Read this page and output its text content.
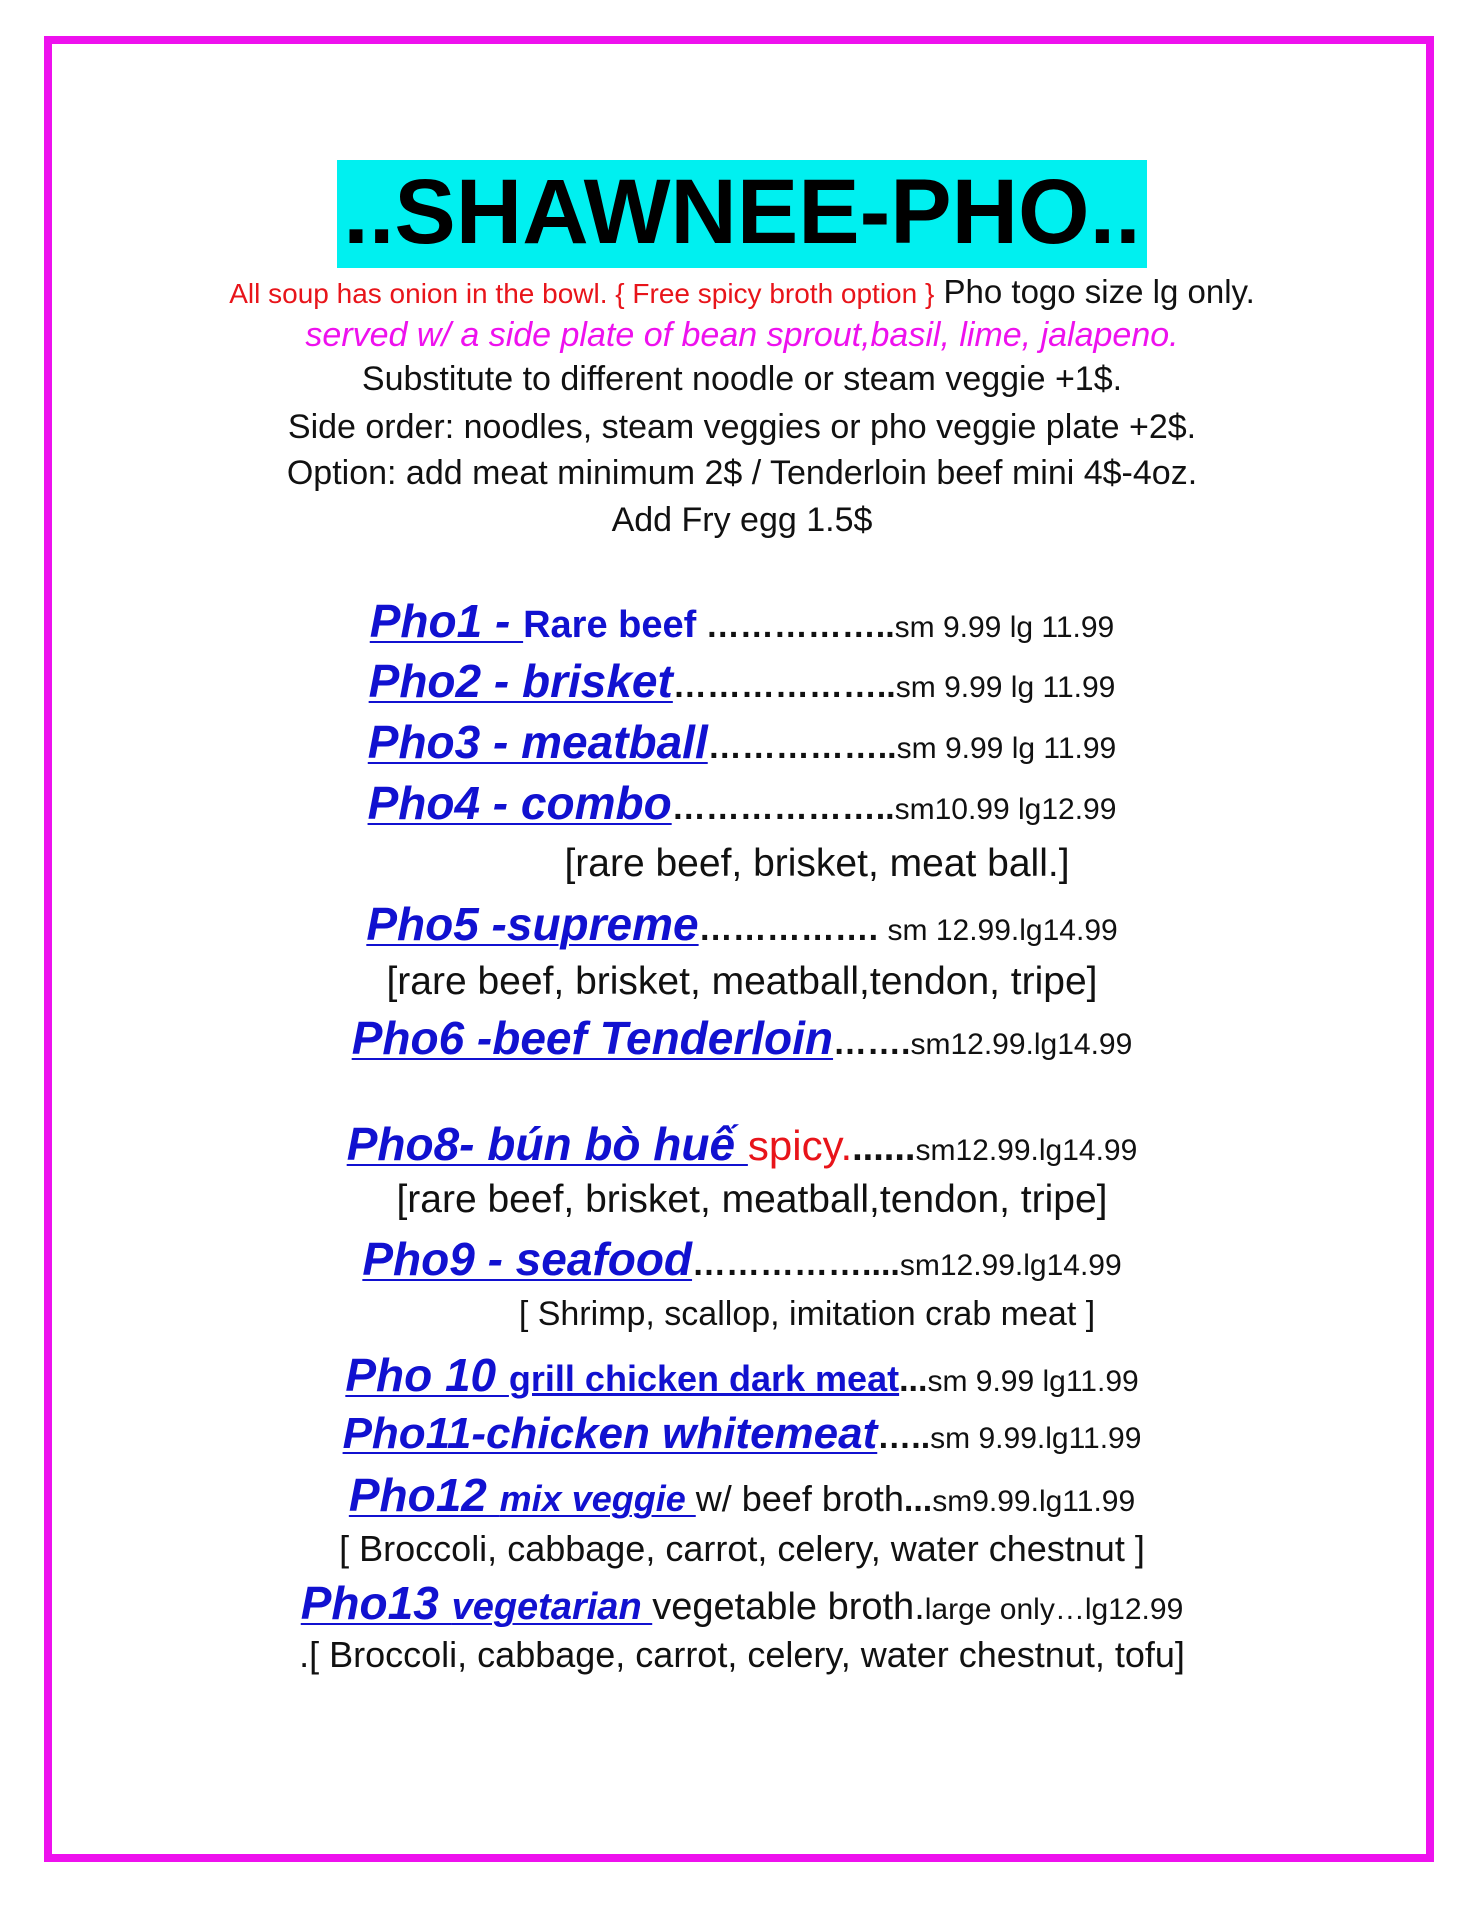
..SHAWNEE-PHO..
All soup has onion in the bowl. { Free spicy broth option } Pho togo size lg only.
served w/ a side plate of bean sprout,basil, lime, jalapeno.
Substitute to different noodle or steam veggie +1$.
Side order: noodles, steam veggies or pho veggie plate +2$.
Option: add meat minimum 2$ / Tenderloin beef mini 4$-4oz.
Add Fry egg 1.5$
Pho1 - Rare beef ……………..sm 9.99 lg 11.99
Pho2 - brisket………………..sm 9.99 lg 11.99
Pho3 - meatball……………..sm 9.99 lg 11.99
Pho4 - combo………………..sm10.99 lg12.99
[rare beef, brisket, meat ball.]
Pho5 -supreme……………. sm 12.99.lg14.99
[rare beef, brisket, meatball,tendon, tripe]
Pho6 -beef Tenderloin…….sm12.99.lg14.99
Pho8- bún bò huế spicy.......sm12.99.lg14.99
[rare beef, brisket, meatball,tendon, tripe]
Pho9 - seafood……………....sm12.99.lg14.99
[ Shrimp, scallop, imitation crab meat ]
Pho 10 grill chicken dark meat...sm 9.99 lg11.99
Pho11-chicken whitemeat…..sm 9.99.lg11.99
Pho12 mix veggie w/ beef broth...sm9.99.lg11.99
[ Broccoli, cabbage, carrot, celery, water chestnut ]
Pho13 vegetarian vegetable broth.large only…lg12.99
.[ Broccoli, cabbage, carrot, celery, water chestnut, tofu]
